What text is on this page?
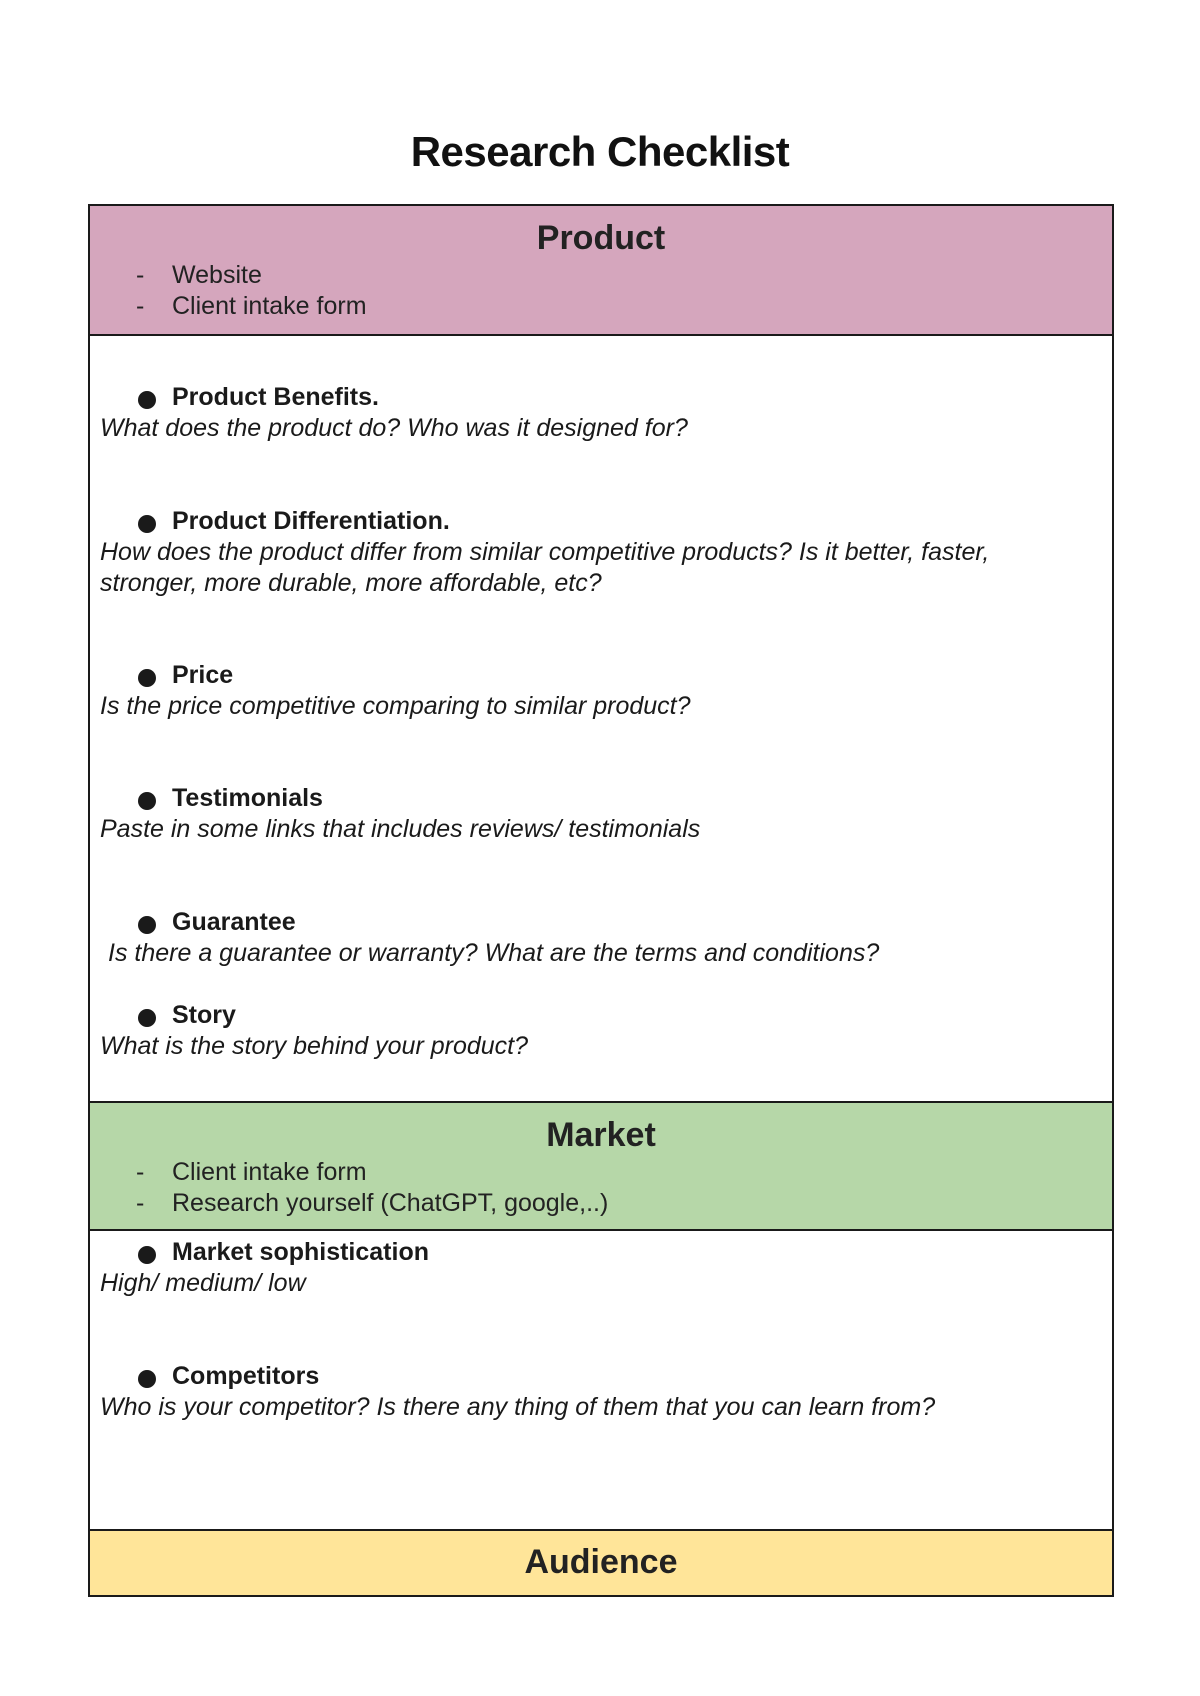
Research Checklist
Product
- Website
- Client intake form
Product Benefits.
What does the product do? Who was it designed for?
Product Differentiation.
How does the product differ from similar competitive products? Is it better, faster, stronger, more durable, more affordable, etc?
Price
Is the price competitive comparing to similar product?
Testimonials
Paste in some links that includes reviews/ testimonials
Guarantee
Is there a guarantee or warranty? What are the terms and conditions?
Story
What is the story behind your product?
Market
- Client intake form
- Research yourself (ChatGPT, google,..)
Market sophistication
High/ medium/ low
Competitors
Who is your competitor? Is there any thing of them that you can learn from?
Audience
